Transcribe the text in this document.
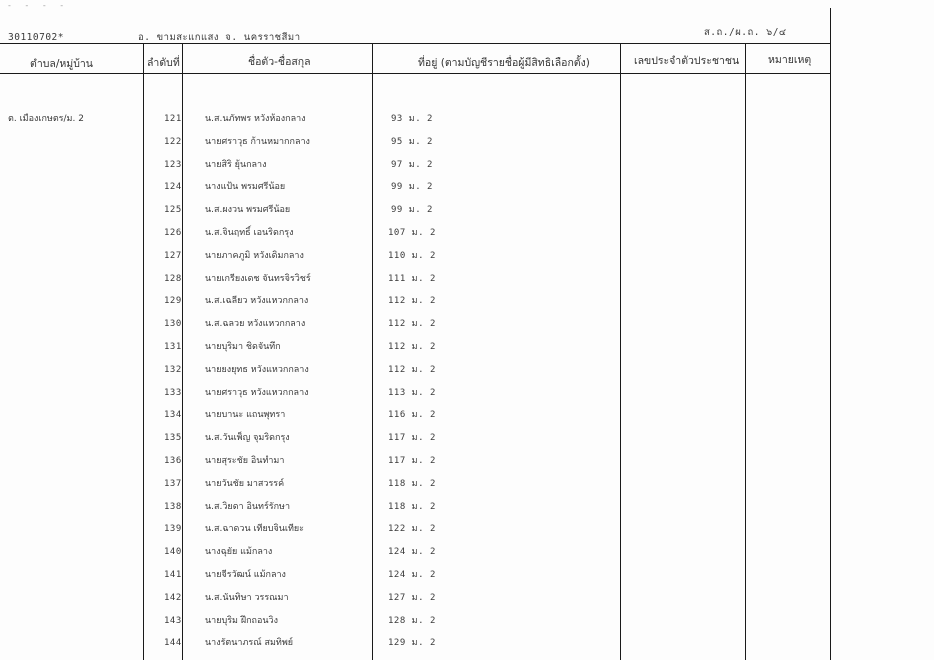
- - - -
30110702*	อ. ขามสะแกแสง จ. นครราชสีมา	ส.ถ./ผ.ถ. ๖/๔
ตำบล/หมู่บ้าน	ลำดับที่	ชื่อตัว-ชื่อสกุล	ที่อยู่ (ตามบัญชีรายชื่อผู้มีสิทธิเลือกตั้ง)	เลขประจำตัวประชาชน	หมายเหตุ
ต. เมืองเกษตร/ม. 2	121	น.ส.นภัทพร หวังห้องกลาง	93 ม. 2
122	นายศราวุธ ก้านหมากกลาง	95 ม. 2
123	นายสิริ ยุ้นกลาง	97 ม. 2
124	นางแป้น พรมศรีน้อย	99 ม. 2
125	น.ส.ผงวน พรมศรีน้อย	99 ม. 2
126	น.ส.จินฤทธิ์ เอนริดกรุง	107 ม. 2
127	นายภาคภูมิ หวังเดิมกลาง	110 ม. 2
128	นายเกรียงเดช จันทรจิรวิชร์	111 ม. 2
129	น.ส.เฉลียว หวังแหวกกลาง	112 ม. 2
130	น.ส.ฉลวย หวังแหวกกลาง	112 ม. 2
131	นายบุริมา ชิดจันทึก	112 ม. 2
132	นายยงยุทธ หวังแหวกกลาง	112 ม. 2
133	นายศราวุธ หวังแหวกกลาง	113 ม. 2
134	นายบานะ แถนพุทรา	116 ม. 2
135	น.ส.วันเพ็ญ จุมริดกรุง	117 ม. 2
136	นายสุระชัย อินทำมา	117 ม. 2
137	นายวันชัย มาสวรรค์	118 ม. 2
138	น.ส.วิยดา อินทร์รักษา	118 ม. 2
139	น.ส.ฉาดวน เทียบจินเทียะ	122 ม. 2
140	นางฉุยัย แม้กลาง	124 ม. 2
141	นายจีรวัฒน์ แม้กลาง	124 ม. 2
142	น.ส.นันทิษา วรรณมา	127 ม. 2
143	นายบุริม ฝึกถอนวิง	128 ม. 2
144	นางรัตนาภรณ์ สมทิพย์	129 ม. 2
